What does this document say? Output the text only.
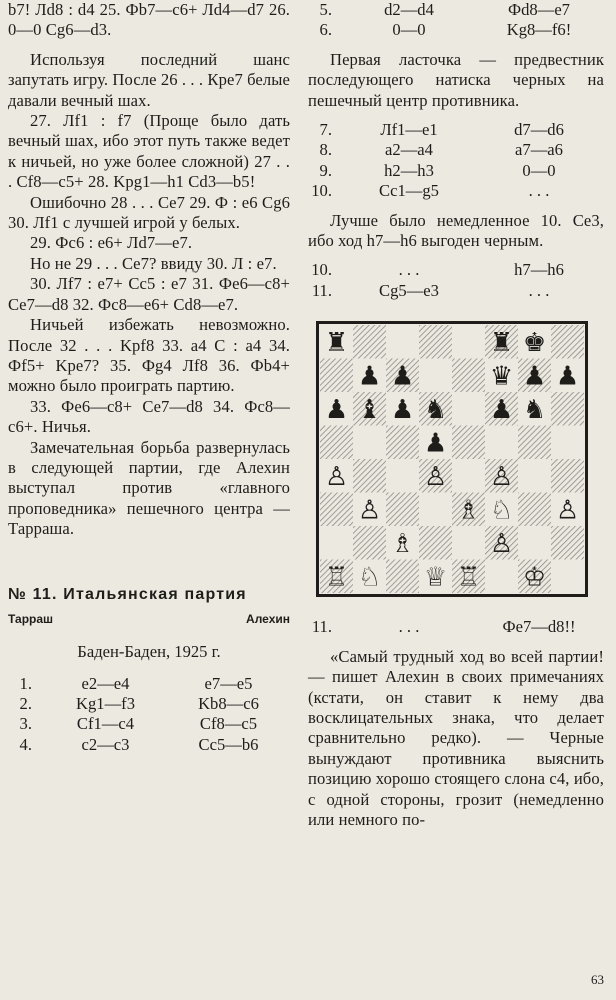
b7! Лd8 : d4 25. Фb7—c6+ Лd4—d7 26. 0—0 Cg6—d3.

Используя последний шанс запутать игру. После 26 . . . Кре7 белые давали вечный шах.

27. Лf1 : f7 (Проще было дать вечный шах, ибо этот путь также ведет к ничьей, но уже более сложной) 27 . . . Cf8—c5+ 28. Kpg1—h1 Cd3—b5!

Ошибочно 28 . . . Ce7 29. Ф : e6 Cg6 30. Лf1 с лучшей игрой у белых.

29. Фc6 : e6+ Лd7—e7.

Но не 29 . . . Ce7? ввиду 30. Л : e7.

30. Лf7 : e7+ Cc5 : e7 31. Фe6—c8+ Ce7—d8 32. Фc8—e6+ Cd8—e7.

Ничьей избежать невозможно. После 32 . . . Kpf8 33. a4 C : a4 34. Фf5+ Kpe7? 35. Фg4 Лf8 36. Фb4+ можно было проиграть партию.

33. Фe6—c8+ Ce7—d8 34. Фc8—c6+. Ничья.

Замечательная борьба развернулась в следующей партии, где Алехин выступал против «главного проповедника» пешечного центра — Тарраша.

№ 11. Итальянская партия
Тарраш	Алехин
Баден-Баден, 1925 г.
1.	e2—e4	e7—e5
2.	Kg1—f3	Kb8—c6
3.	Cf1—c4	Cf8—c5
4.	c2—c3	Cc5—b6
5.	d2—d4	Фd8—e7
6.	0—0	Kg8—f6!

Первая ласточка — предвестник последующего натиска черных на пешечный центр противника.

7.	Лf1—e1	d7—d6
8.	a2—a4	a7—a6
9.	h2—h3	0—0
10.	Cc1—g5	. . .

Лучше было немедленное 10. Ce3, ибо ход h7—h6 выгоден черным.

10.	. . .	h7—h6
11.	Cg5—e3	. . .
♜	♜ ♚
♟ ♟	♛ ♟ ♟
♟ ♝ ♟ ♞ ♟ ♞
♟
♙	♙ ♙
♙	♗ ♘ ♙
♗	♙
♖ ♘ ♕ ♖ ♔
11.	. . .	Фe7—d8!!

«Самый трудный ход во всей партии! — пишет Алехин в своих примечаниях (кстати, он ставит к нему два восклицательных знака, что делает сравнительно редко). — Черные вынуждают противника выяснить позицию хорошо стоящего слона c4, ибо, с одной стороны, грозит (немедленно или немного по-

63
